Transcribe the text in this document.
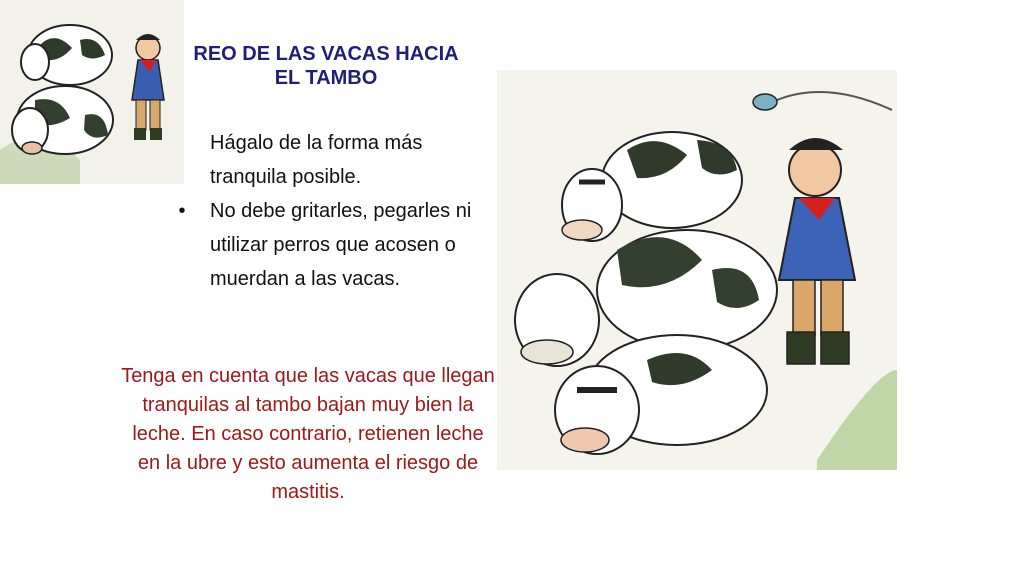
REO DE LAS VACAS HACIA
EL TAMBO
Hágalo de la forma más tranquila posible.
•	No debe gritarles, pegarles ni utilizar perros que acosen o muerdan a las vacas.
Tenga en cuenta que las vacas que llegan tranquilas al tambo bajan muy bien la leche. En caso contrario, retienen leche en la ubre y esto aumenta el riesgo de mastitis.
